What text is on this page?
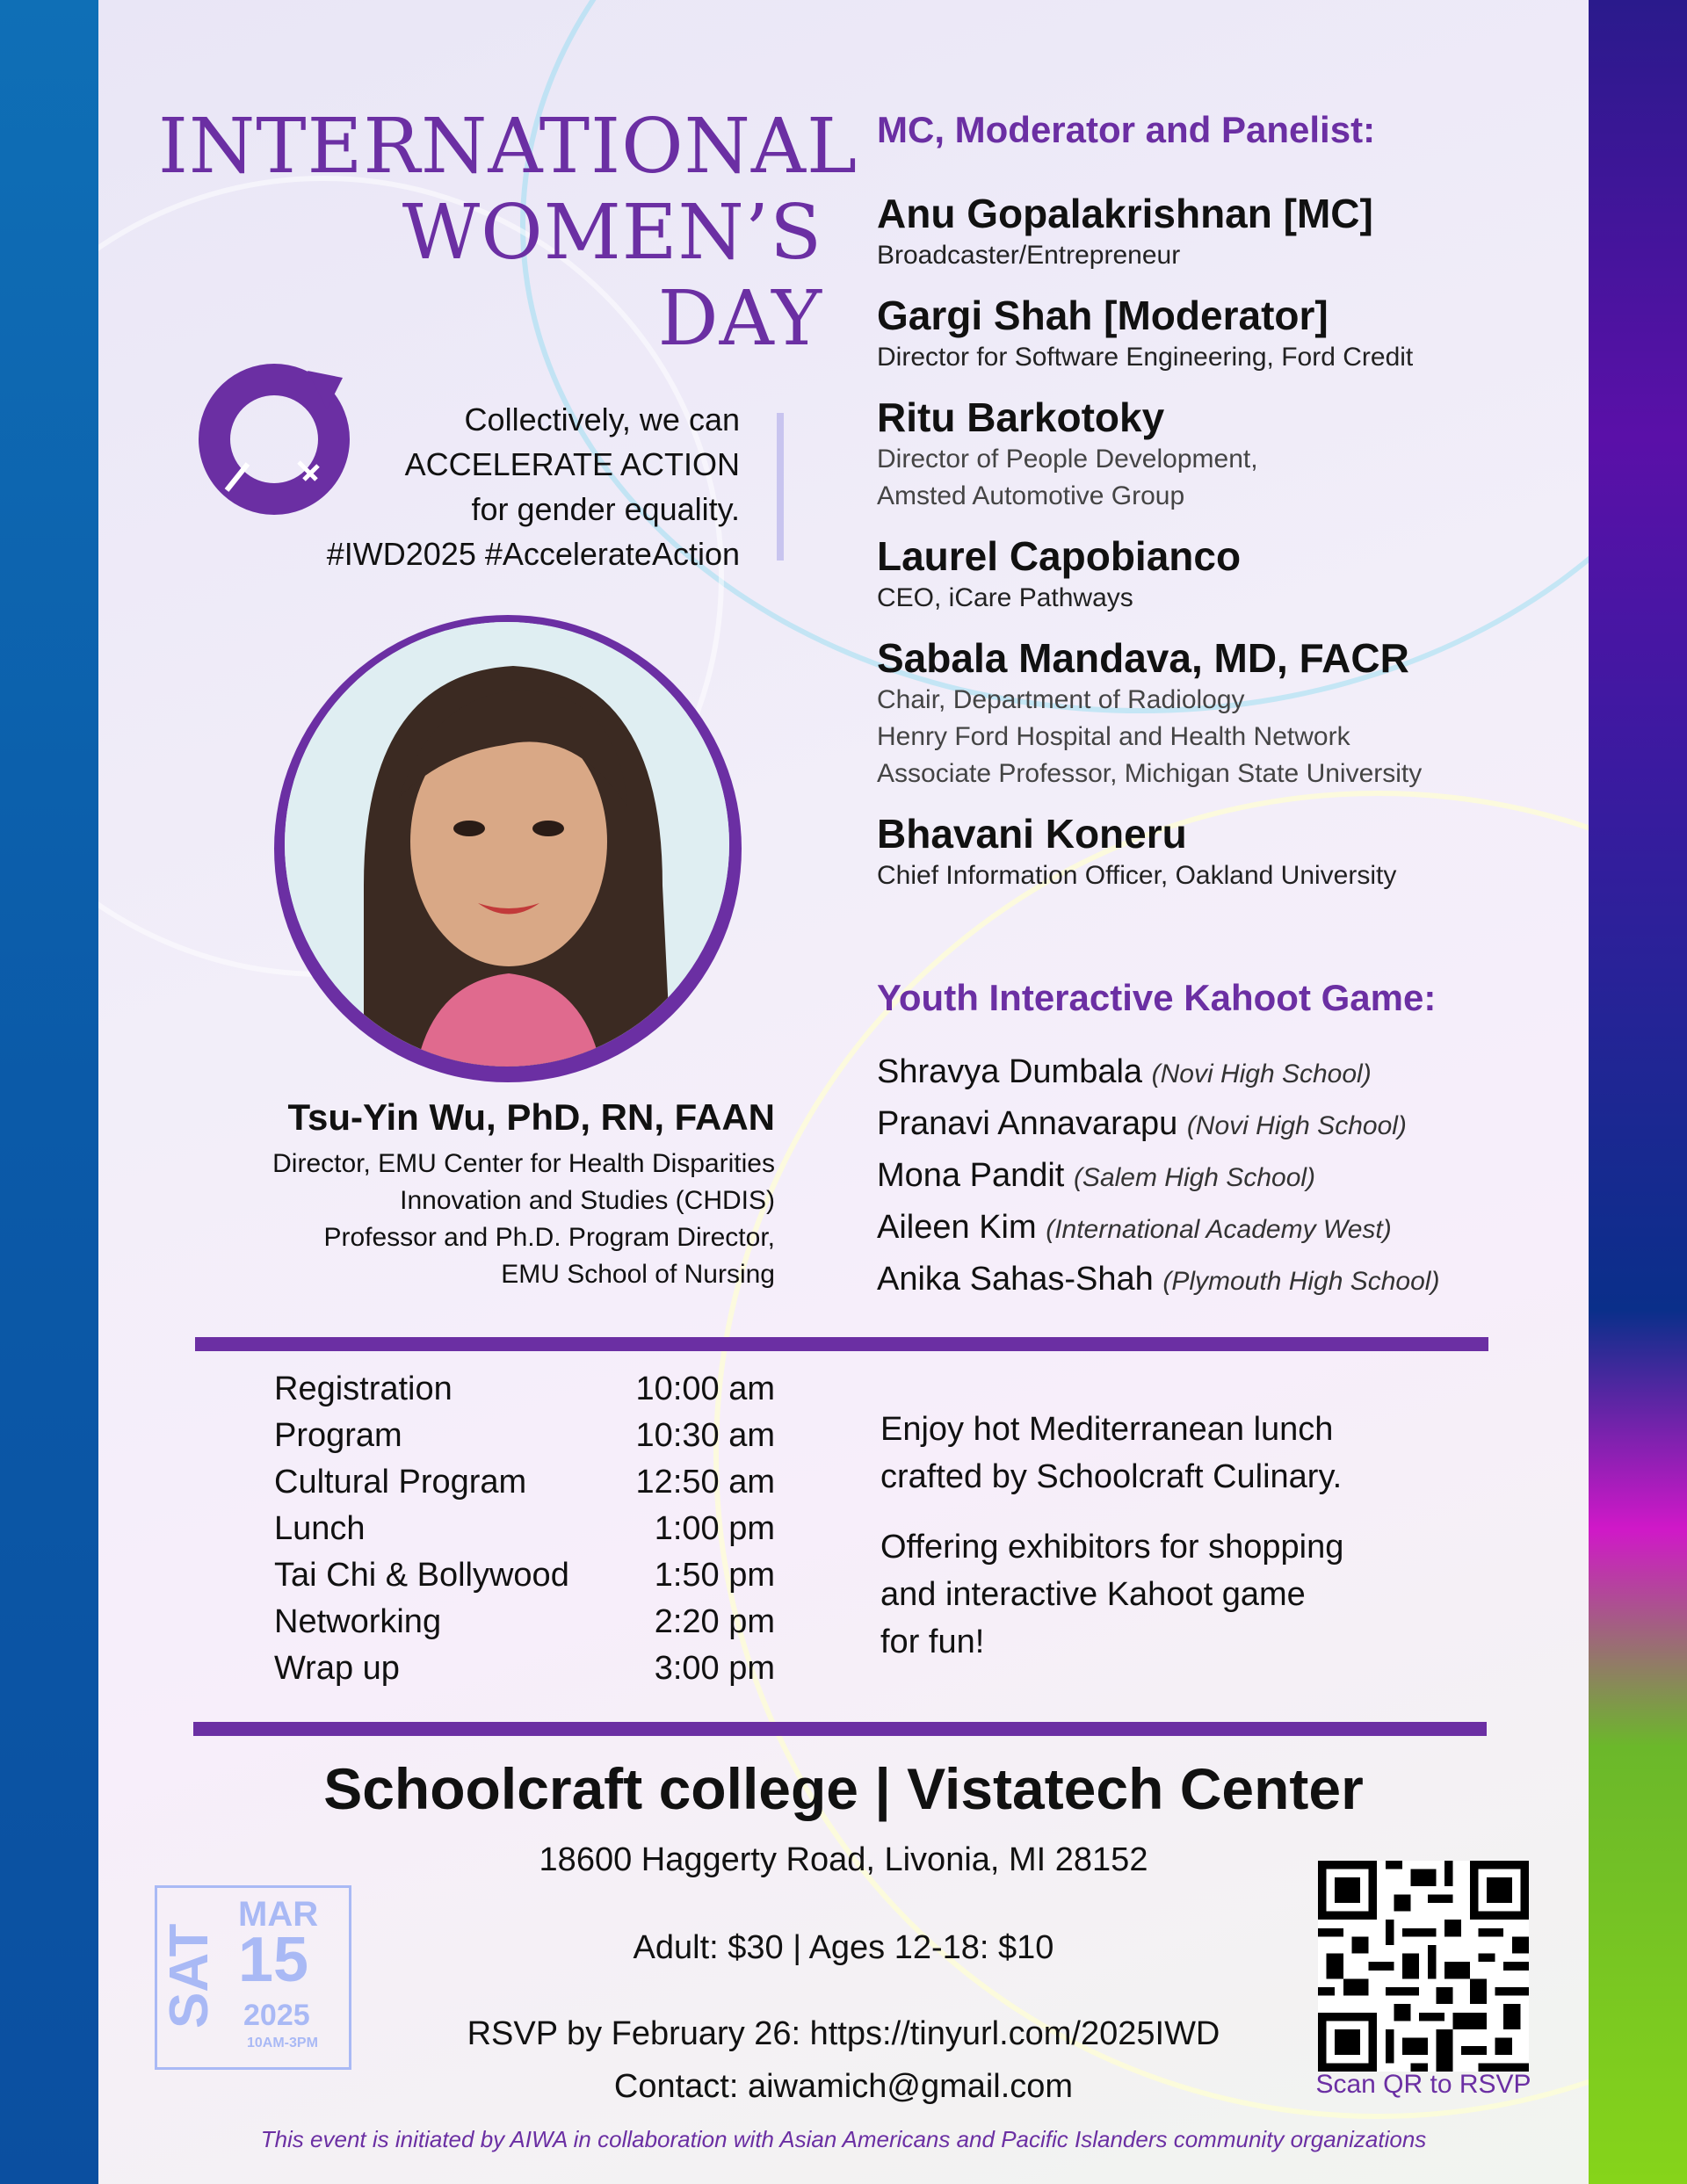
INTERNATIONAL
WOMEN’S
DAY
Collectively, we can
ACCELERATE ACTION
for gender equality.
#IWD2025 #AccelerateAction
Tsu-Yin Wu, PhD, RN, FAAN
Director, EMU Center for Health Disparities
Innovation and Studies (CHDIS)
Professor and Ph.D. Program Director,
EMU School of Nursing
MC, Moderator and Panelist:
Anu Gopalakrishnan [MC]
Broadcaster/Entrepreneur
Gargi Shah [Moderator]
Director for Software Engineering, Ford Credit
Ritu Barkotoky
Director of People Development,
Amsted Automotive Group
Laurel Capobianco
CEO, iCare Pathways
Sabala Mandava, MD, FACR
Chair, Department of Radiology
Henry Ford Hospital and Health Network
Associate Professor, Michigan State University
Bhavani Koneru
Chief Information Officer, Oakland University
Youth Interactive Kahoot Game:
Shravya Dumbala (Novi High School)
Pranavi Annavarapu (Novi High School)
Mona Pandit (Salem High School)
Aileen Kim (International Academy West)
Anika Sahas-Shah (Plymouth High School)
Registration	10:00 am
Program	10:30 am
Cultural Program	12:50 am
Lunch	1:00 pm
Tai Chi & Bollywood	1:50 pm
Networking	2:20 pm
Wrap up	3:00 pm
Enjoy hot Mediterranean lunch
crafted by Schoolcraft Culinary.
Offering exhibitors for shopping
and interactive Kahoot game
for fun!
Schoolcraft college | Vistatech Center
18600 Haggerty Road, Livonia, MI 28152
Adult: $30 | Ages 12-18: $10
RSVP by February 26: https://tinyurl.com/2025IWD
Contact: aiwamich@gmail.com
SAT
MAR
15
2025
10AM-3PM
Scan QR to RSVP
This event is initiated by AIWA in collaboration with Asian Americans and Pacific Islanders community organizations
